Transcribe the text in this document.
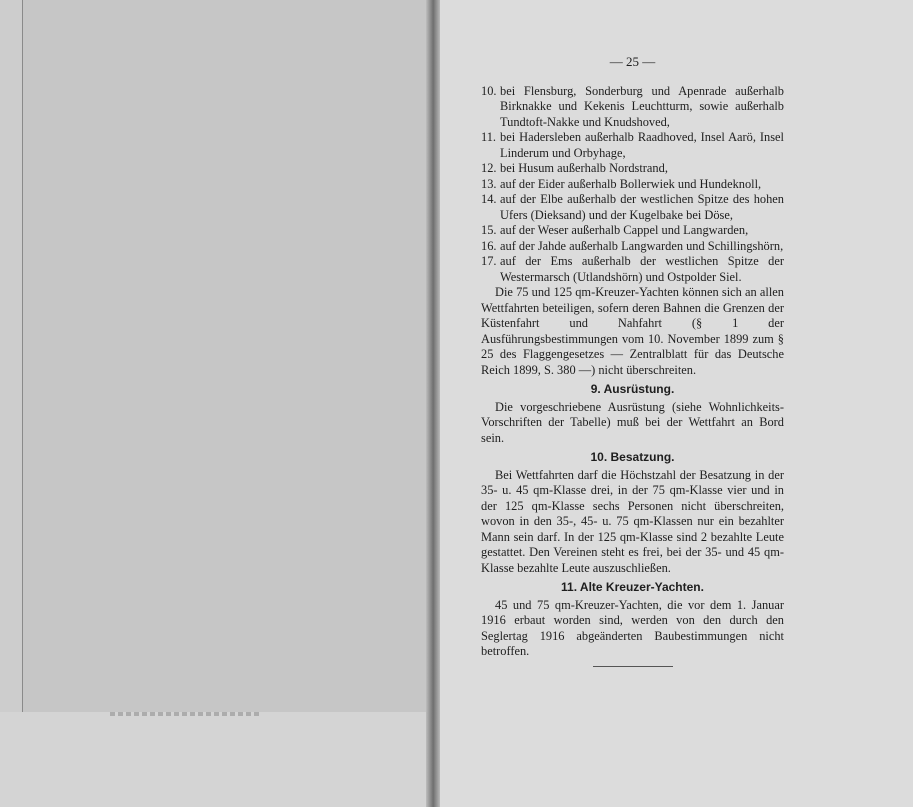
— 25 —
10. bei Flensburg, Sonderburg und Apenrade außerhalb Birknakke und Kekenis Leuchtturm, sowie außerhalb Tundtoft-Nakke und Knudshoved,
11. bei Hadersleben außerhalb Raadhoved, Insel Aarö, Insel Linderum und Orbyhage,
12. bei Husum außerhalb Nordstrand,
13. auf der Eider außerhalb Bollerwiek und Hundeknoll,
14. auf der Elbe außerhalb der westlichen Spitze des hohen Ufers (Dieksand) und der Kugelbake bei Döse,
15. auf der Weser außerhalb Cappel und Langwarden,
16. auf der Jahde außerhalb Langwarden und Schillingshörn,
17. auf der Ems außerhalb der westlichen Spitze der Westermarsch (Utlandshörn) und Ostpolder Siel.
Die 75 und 125 qm-Kreuzer-Yachten können sich an allen Wettfahrten beteiligen, sofern deren Bahnen die Grenzen der Küstenfahrt und Nahfahrt (§ 1 der Ausführungsbestimmungen vom 10. November 1899 zum § 25 des Flaggengesetzes — Zentralblatt für das Deutsche Reich 1899, S. 380 —) nicht überschreiten.
9. Ausrüstung.
Die vorgeschriebene Ausrüstung (siehe Wohnlichkeits-Vorschriften der Tabelle) muß bei der Wettfahrt an Bord sein.
10. Besatzung.
Bei Wettfahrten darf die Höchstzahl der Besatzung in der 35- u. 45 qm-Klasse drei, in der 75 qm-Klasse vier und in der 125 qm-Klasse sechs Personen nicht überschreiten, wovon in den 35-, 45- u. 75 qm-Klassen nur ein bezahlter Mann sein darf. In der 125 qm-Klasse sind 2 bezahlte Leute gestattet. Den Vereinen steht es frei, bei der 35- und 45 qm-Klasse bezahlte Leute auszuschließen.
11. Alte Kreuzer-Yachten.
45 und 75 qm-Kreuzer-Yachten, die vor dem 1. Januar 1916 erbaut worden sind, werden von den durch den Seglertag 1916 abgeänderten Baubestimmungen nicht betroffen.
